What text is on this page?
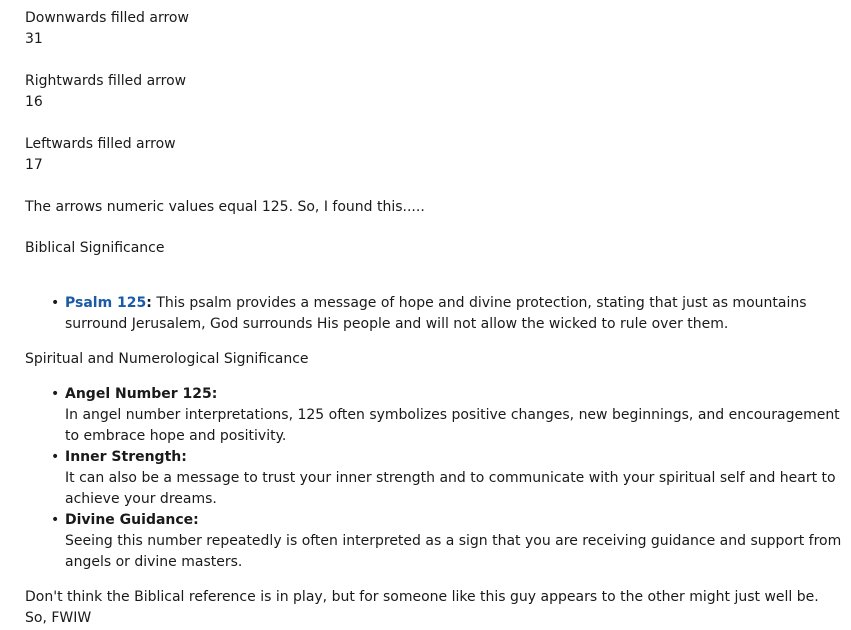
Downwards filled arrow
31
Rightwards filled arrow
16
Leftwards filled arrow
17

The arrows numeric values equal 125. So, I found this.....

Biblical Significance

• Psalm 125: This psalm provides a message of hope and divine protection, stating that just as mountains surround Jerusalem, God surrounds His people and will not allow the wicked to rule over them.

Spiritual and Numerological Significance

• Angel Number 125:
In angel number interpretations, 125 often symbolizes positive changes, new beginnings, and encouragement to embrace hope and positivity.
• Inner Strength:
It can also be a message to trust your inner strength and to communicate with your spiritual self and heart to achieve your dreams.
• Divine Guidance:
Seeing this number repeatedly is often interpreted as a sign that you are receiving guidance and support from angels or divine masters.

Don't think the Biblical reference is in play, but for someone like this guy appears to the other might just well be. So, FWIW
